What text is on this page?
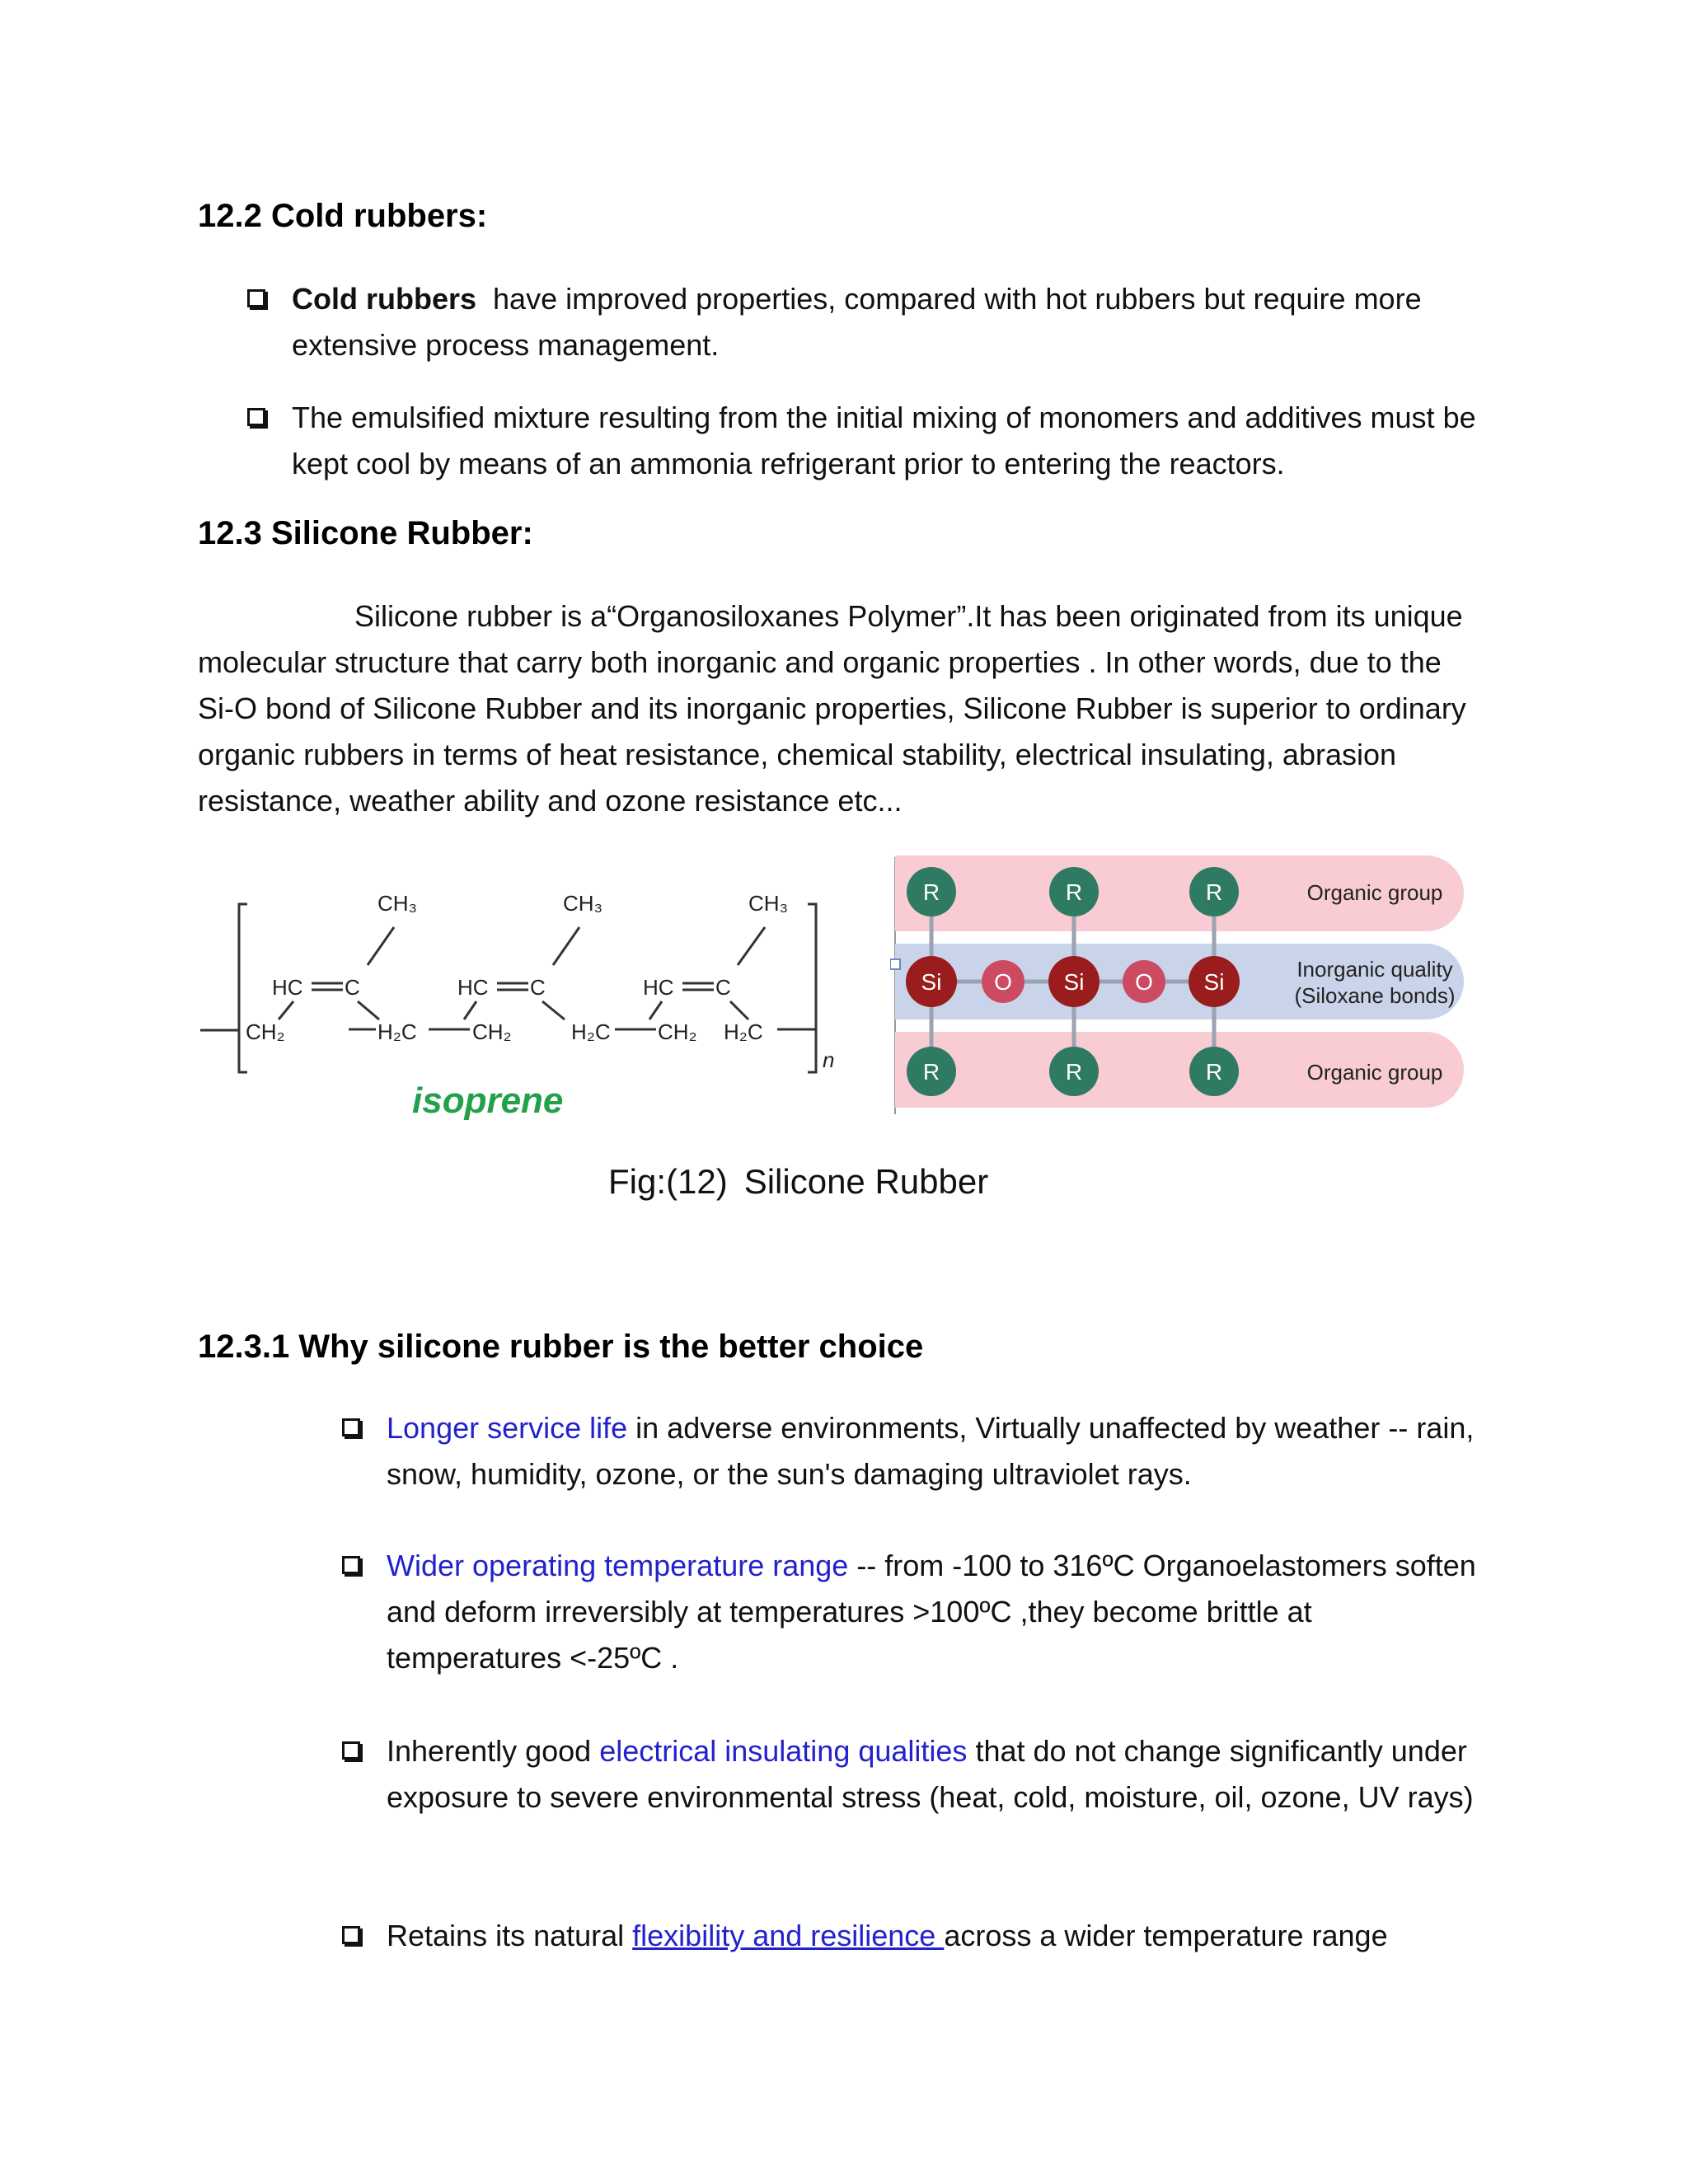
12.2 Cold rubbers:
Cold rubbers  have improved properties, compared with hot rubbers but require more extensive process management.
The emulsified mixture resulting from the initial mixing of monomers and additives must be kept cool by means of an ammonia refrigerant prior to entering the reactors.
12.3 Silicone Rubber:

Silicone rubber is a“Organosiloxanes Polymer”.It has been originated from its unique molecular structure that carry both inorganic and organic properties . In other words, due to the Si-O bond of Silicone Rubber and its inorganic properties, Silicone Rubber is superior to ordinary organic rubbers in terms of heat resistance, chemical stability, electrical insulating, abrasion resistance, weather ability and ozone resistance etc...

CH₃	CH₃	CH₃
HC C	HC C	HC C
CH₂	H₂C	CH₂	H₂C CH₂ H₂C
n
isoprene
R	R	R
R	R	R
Si	Si	Si
O	O
Organic group
Inorganic quality
(Siloxane bonds)
Organic group
Fig:(12) Silicone Rubber
12.3.1 Why silicone rubber is the better choice
Longer service life in adverse environments, Virtually unaffected by weather -- rain, snow, humidity, ozone, or the sun's damaging ultraviolet rays.
Wider operating temperature range -- from -100 to 316ºC Organoelastomers soften and deform irreversibly at temperatures >100ºC ,they become brittle at temperatures <-25ºC .
Inherently good electrical insulating qualities that do not change significantly under exposure to severe environmental stress (heat, cold, moisture, oil, ozone, UV rays)
Retains its natural flexibility and resilience across a wider temperature range
